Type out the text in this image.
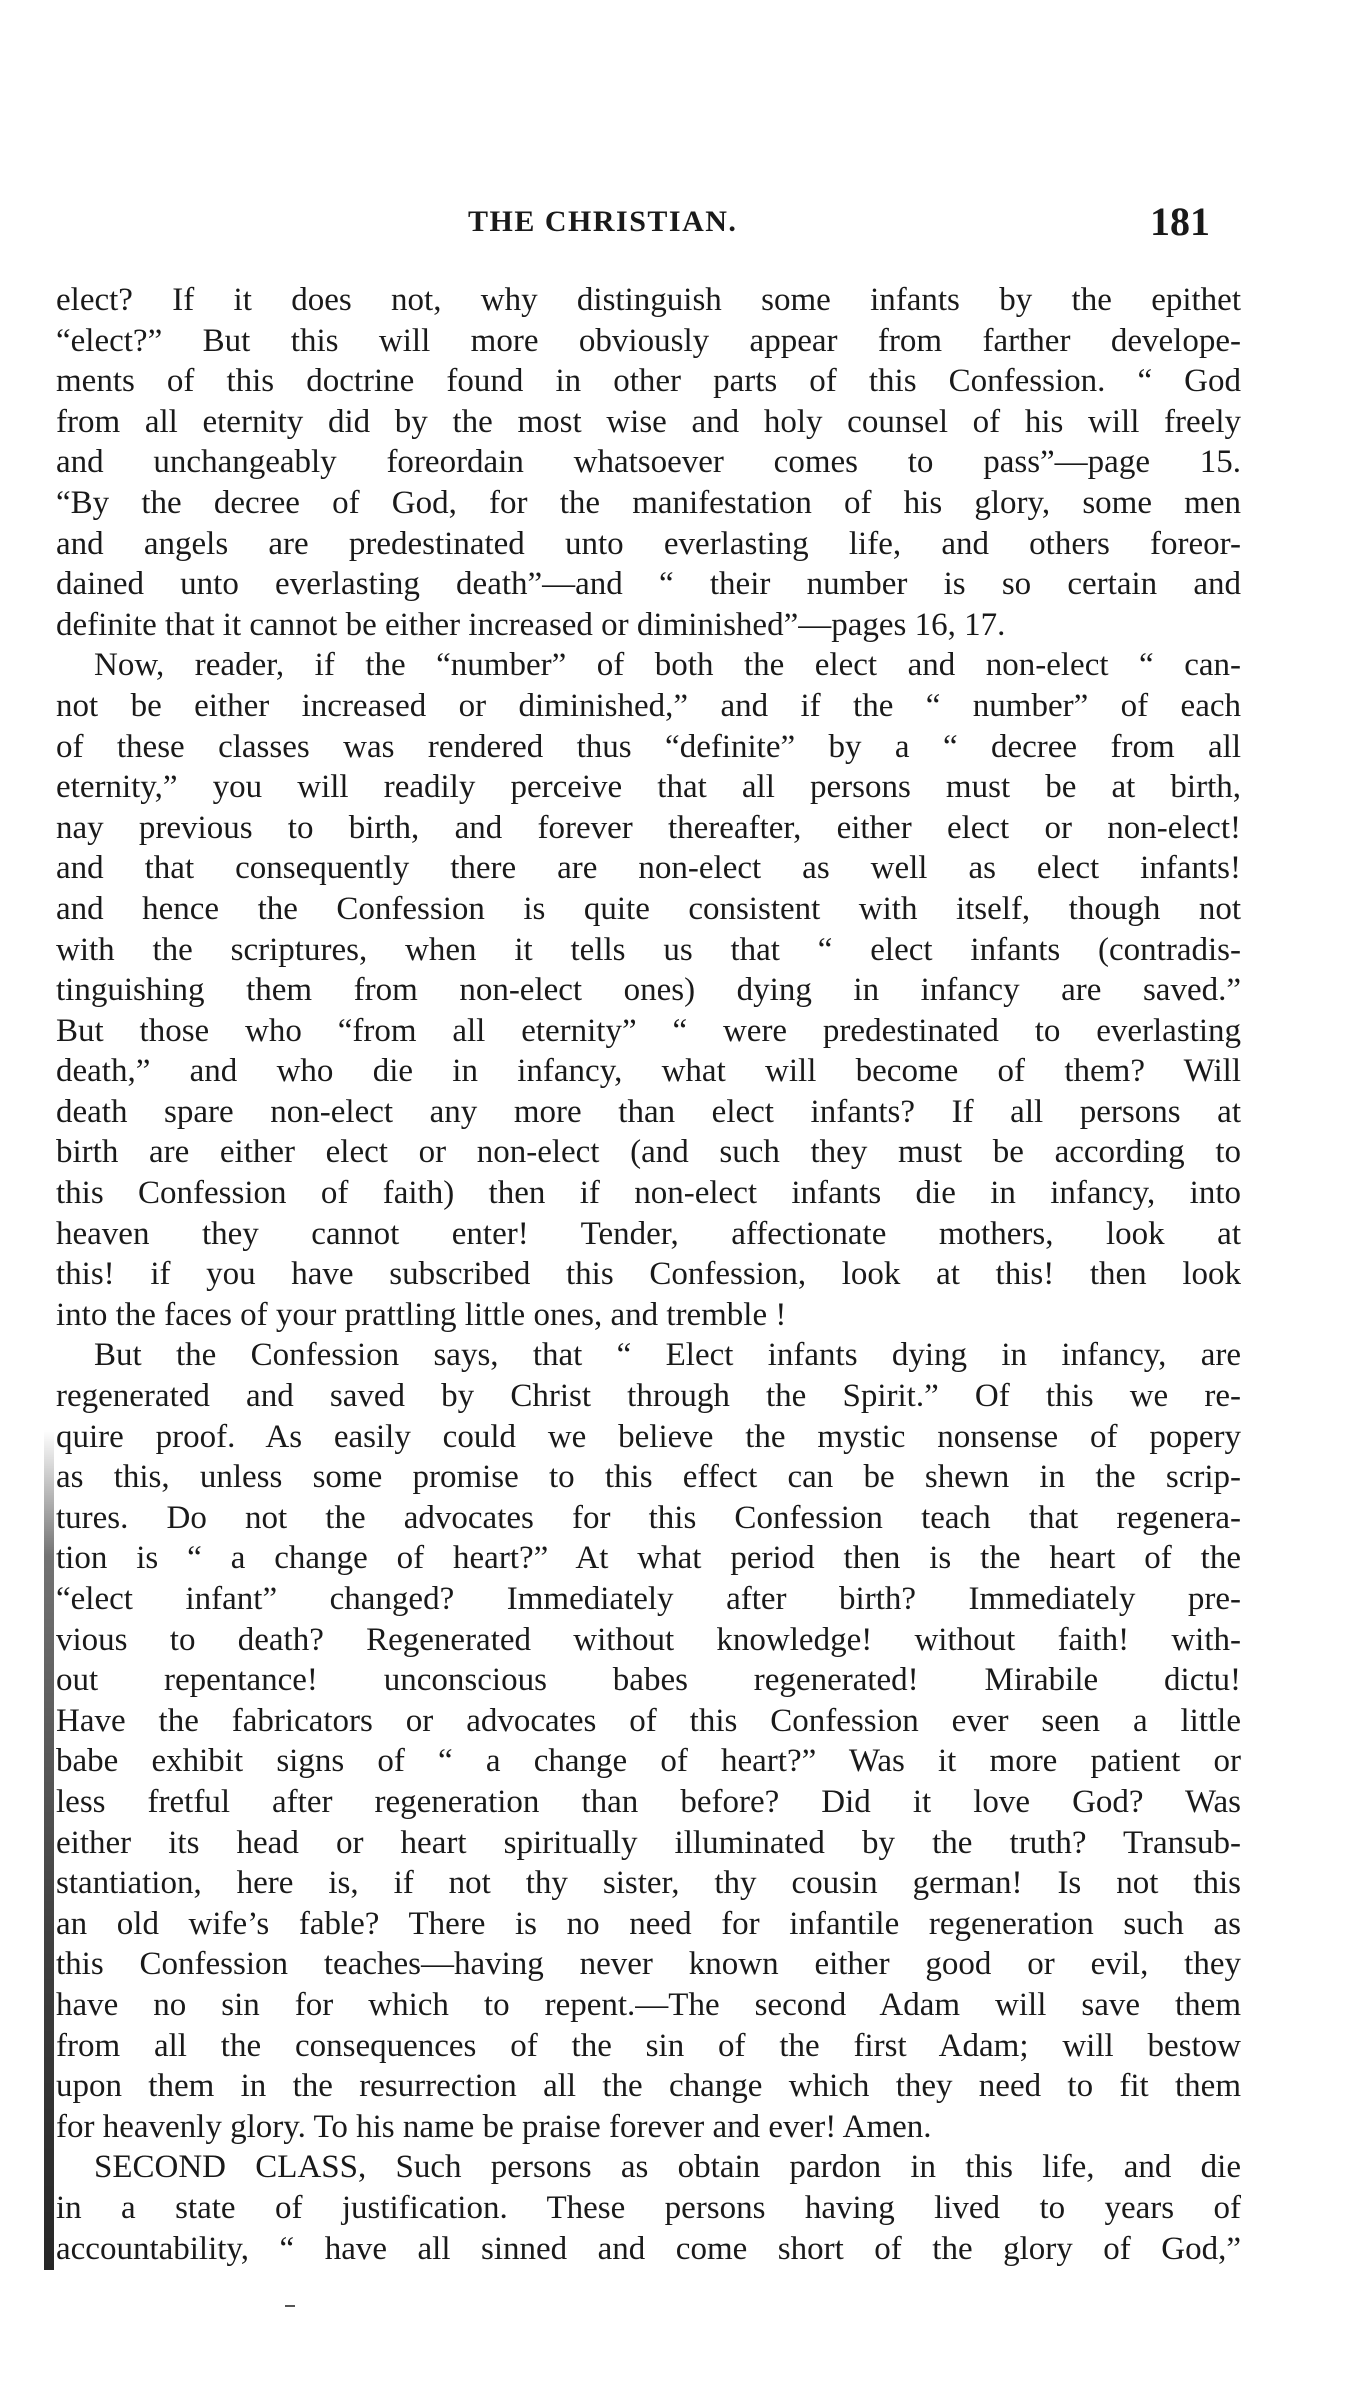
THE CHRISTIAN.	181
elect? If it does not, why distinguish some infants by the epithet
“elect?” But this will more obviously appear from farther develope-
ments of this doctrine found in other parts of this Confession. “ God
from all eternity did by the most wise and holy counsel of his will freely
and unchangeably foreordain whatsoever comes to pass”—page 15.
“By the decree of God, for the manifestation of his glory, some men
and angels are predestinated unto everlasting life, and others foreor-
dained unto everlasting death”—and “ their number is so certain and
definite that it cannot be either increased or diminished”—pages 16, 17.
Now, reader, if the “number” of both the elect and non-elect “ can-
not be either increased or diminished,” and if the “ number” of each
of these classes was rendered thus “definite” by a “ decree from all
eternity,” you will readily perceive that all persons must be at birth,
nay previous to birth, and forever thereafter, either elect or non-elect!
and that consequently there are non-elect as well as elect infants!
and hence the Confession is quite consistent with itself, though not
with the scriptures, when it tells us that “ elect infants (contradis-
tinguishing them from non-elect ones) dying in infancy are saved.”
But those who “from all eternity” “ were predestinated to everlasting
death,” and who die in infancy, what will become of them? Will
death spare non-elect any more than elect infants? If all persons at
birth are either elect or non-elect (and such they must be according to
this Confession of faith) then if non-elect infants die in infancy, into
heaven they cannot enter! Tender, affectionate mothers, look at
this! if you have subscribed this Confession, look at this! then look
into the faces of your prattling little ones, and tremble !
But the Confession says, that “ Elect infants dying in infancy, are
regenerated and saved by Christ through the Spirit.” Of this we re-
quire proof. As easily could we believe the mystic nonsense of popery
as this, unless some promise to this effect can be shewn in the scrip-
tures. Do not the advocates for this Confession teach that regenera-
tion is “ a change of heart?” At what period then is the heart of the
“elect infant” changed? Immediately after birth? Immediately pre-
vious to death? Regenerated without knowledge! without faith! with-
out repentance! unconscious babes regenerated! Mirabile dictu!
Have the fabricators or advocates of this Confession ever seen a little
babe exhibit signs of “ a change of heart?” Was it more patient or
less fretful after regeneration than before? Did it love God? Was
either its head or heart spiritually illuminated by the truth? Transub-
stantiation, here is, if not thy sister, thy cousin german! Is not this
an old wife’s fable? There is no need for infantile regeneration such as
this Confession teaches—having never known either good or evil, they
have no sin for which to repent.—The second Adam will save them
from all the consequences of the sin of the first Adam; will bestow
upon them in the resurrection all the change which they need to fit them
for heavenly glory. To his name be praise forever and ever! Amen.
SECOND CLASS, Such persons as obtain pardon in this life, and die
in a state of justification. These persons having lived to years of
accountability, “ have all sinned and come short of the glory of God,”
